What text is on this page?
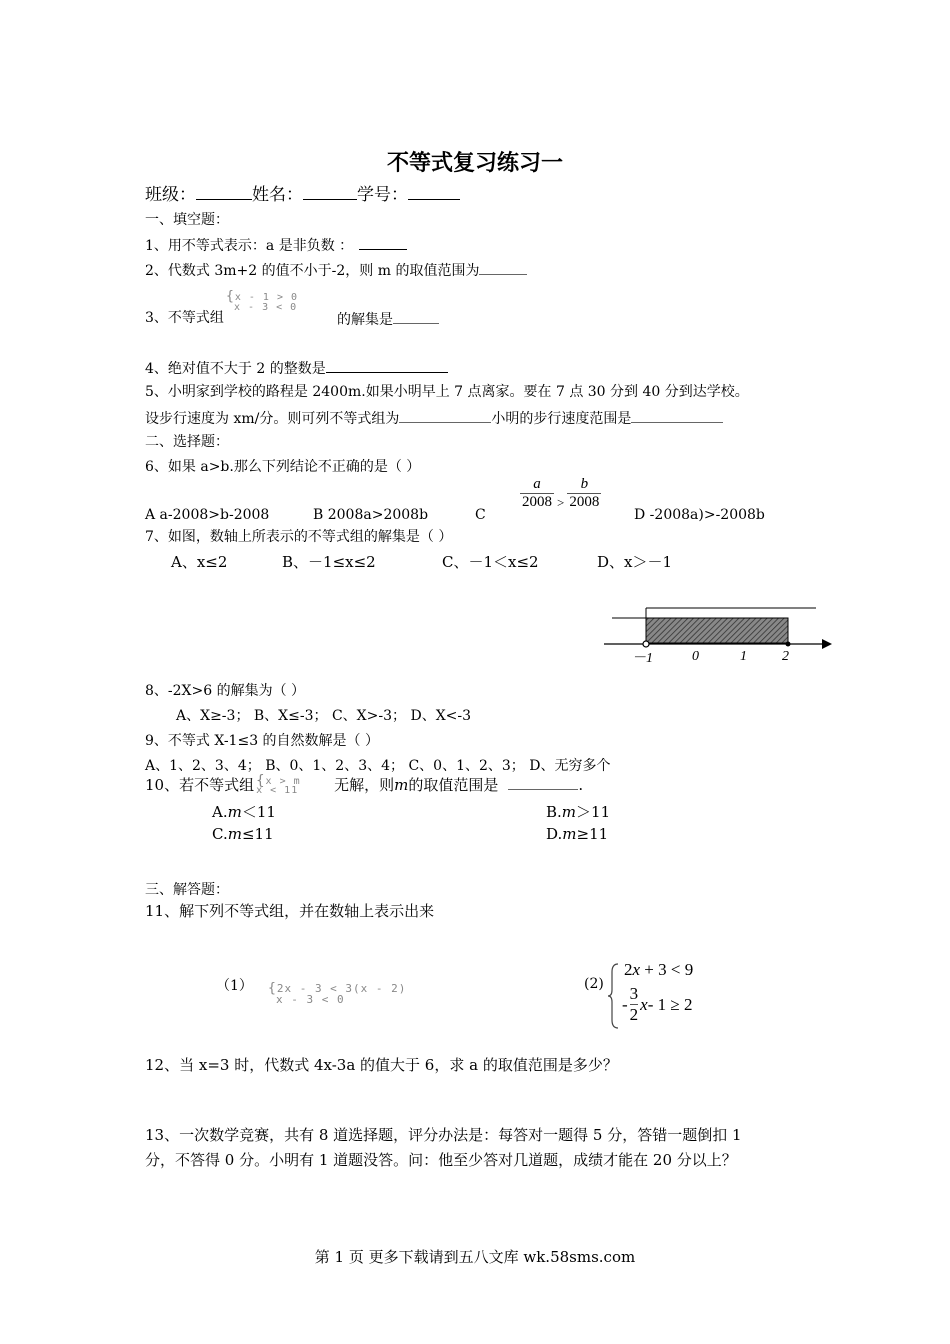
不等式复习练习一
班级：	姓名：	学号：
一、填空题：
1、用不等式表示：a 是非负数 ：
2、代数式 3m+2 的值不小于-2，则 m 的取值范围为
{x - 1 > 0
x - 3 < 0
3、不等式组	的解集是
4、绝对值不大于 2 的整数是
5、小明家到学校的路程是 2400m.如果小明早上 7 点离家。要在 7 点 30 分到 40 分到达学校。
设步行速度为 xm/分。则可列不等式组为	小明的步行速度范围是
二、选择题：
6、如果 a>b.那么下列结论不正确的是（ ）
A a-2008>b-2008	B 2008a>2008b	C
$\frac{a}{2008} > \frac{b}{2008}$
D -2008a)>-2008b
7、如图，数轴上所表示的不等式组的解集是（ ）
A、x≤2	B、－1≤x≤2	C、－1＜x≤2	D、x＞－1
－1	0	1	2
8、-2X>6 的解集为（ ）
A、X≥-3； B、X≤-3； C、X>-3； D、X<-3
9、不等式 X-1≤3 的自然数解是（ ）
A、1、2、3、4； B、0、1、2、3、4； C、0、1、2、3； D、无穷多个
10、若不等式组 { x > m
x < 11	无解，则m的取值范围是	.
A.m＜11	B.m＞11
C.m≤11	D.m≥11
三、解答题：
11、解下列不等式组，并在数轴上表示出来
（1） {2x - 3 < 3(x - 2)
x - 3 < 0
(2)
2x + 3 < 9
- $\frac{3}{2}$ x - 1 ≥ 2
12、当 x=3 时，代数式 4x-3a 的值大于 6，求 a 的取值范围是多少？
13、一次数学竞赛，共有 8 道选择题，评分办法是：每答对一题得 5 分，答错一题倒扣 1
分，不答得 0 分。小明有 1 道题没答。问：他至少答对几道题，成绩才能在 20 分以上？
第 1 页 更多下载请到五八文库 wk.58sms.com
